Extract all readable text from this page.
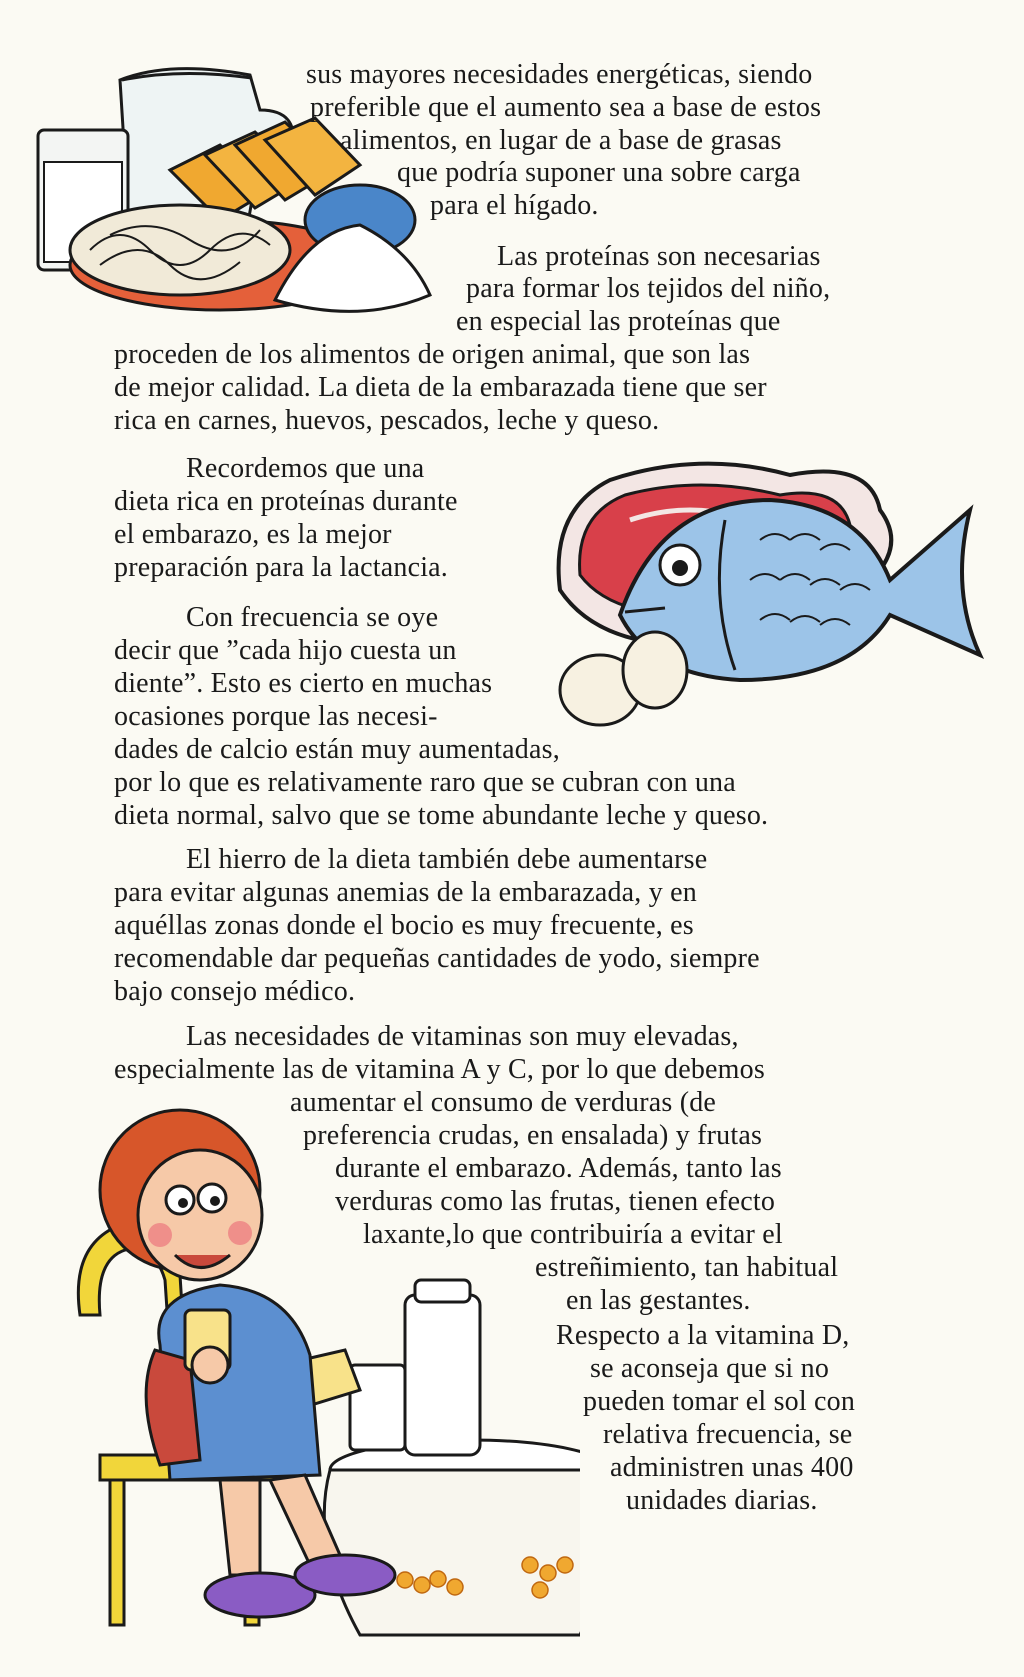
sus mayores necesidades energéticas, siendo
preferible que el aumento sea a base de estos
alimentos, en lugar de a base de grasas
que podría suponer una sobre carga
para el hígado.
Las proteínas son necesarias
para formar los tejidos del niño,
en especial las proteínas que
proceden de los alimentos de origen animal, que son las
de mejor calidad. La dieta de la embarazada tiene que ser
rica en carnes, huevos, pescados, leche y queso.
Recordemos que una
dieta rica en proteínas durante
el embarazo, es la mejor
preparación para la lactancia.
Con frecuencia se oye
decir que ”cada hijo cuesta un
diente”. Esto es cierto en muchas
ocasiones porque las necesi-
dades de calcio están muy aumentadas,
por lo que es relativamente raro que se cubran con una
dieta normal, salvo que se tome abundante leche y queso.
El hierro de la dieta también debe aumentarse
para evitar algunas anemias de la embarazada, y en
aquéllas zonas donde el bocio es muy frecuente, es
recomendable dar pequeñas cantidades de yodo, siempre
bajo consejo médico.
Las necesidades de vitaminas son muy elevadas,
especialmente las de vitamina A y C, por lo que debemos
aumentar el consumo de verduras (de
preferencia crudas, en ensalada) y frutas
durante el embarazo. Además, tanto las
verduras como las frutas, tienen efecto
laxante,lo que contribuiría a evitar el
estreñimiento, tan habitual
en las gestantes.
Respecto a la vitamina D,
se aconseja que si no
pueden tomar el sol con
relativa frecuencia, se
administren unas 400
unidades diarias.
